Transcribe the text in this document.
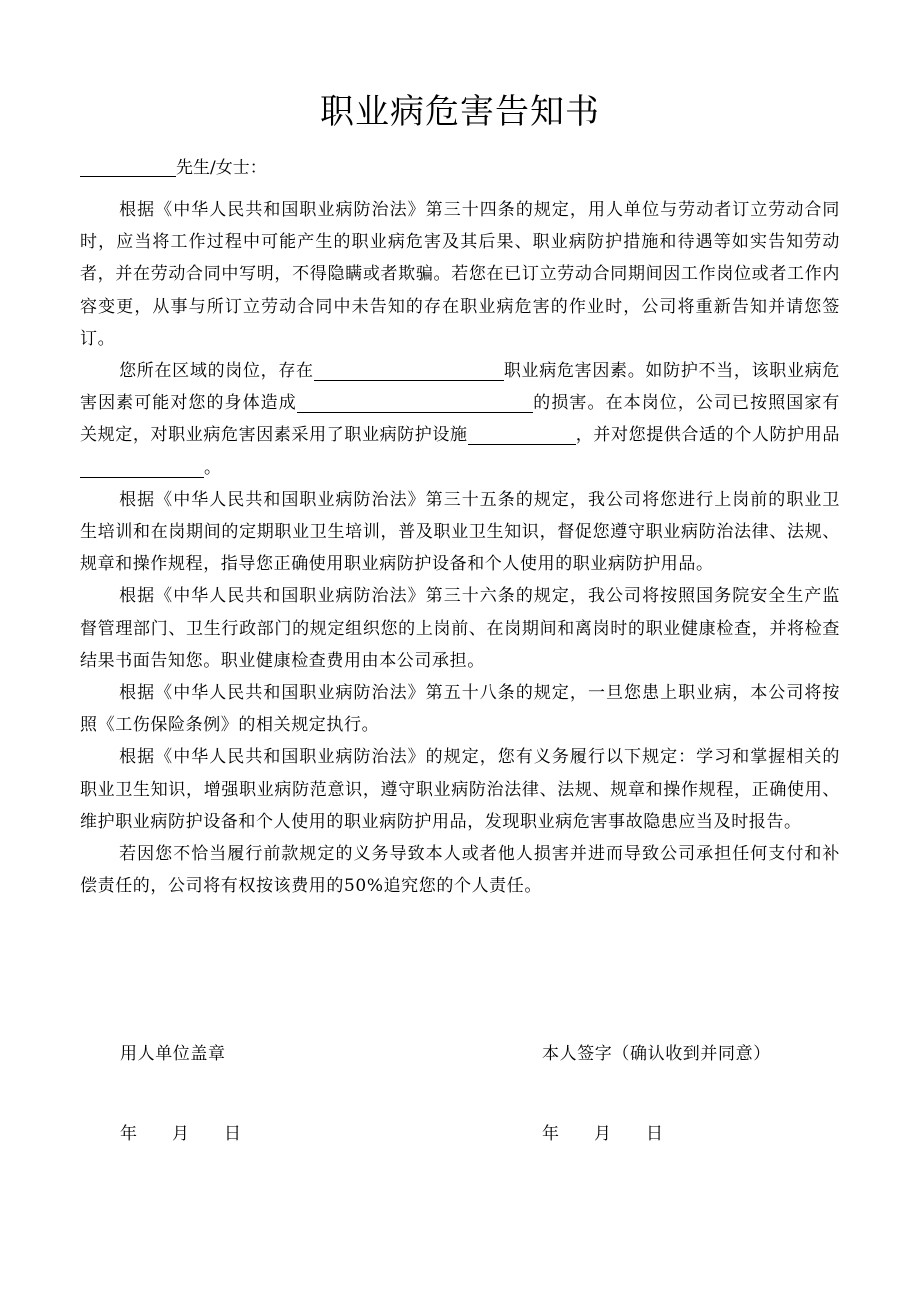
职业病危害告知书
先生/女士：

根据《中华人民共和国职业病防治法》第三十四条的规定，用人单位与劳动者订立劳动合同时，应当将工作过程中可能产生的职业病危害及其后果、职业病防护措施和待遇等如实告知劳动者，并在劳动合同中写明，不得隐瞒或者欺骗。若您在已订立劳动合同期间因工作岗位或者工作内容变更，从事与所订立劳动合同中未告知的存在职业病危害的作业时，公司将重新告知并请您签订。

您所在区域的岗位，存在	职业病危害因素。如防护不当，该职业病危害因素可能对您的身体造成	的损害。在本岗位，公司已按照国家有关规定，对职业病危害因素采用了职业病防护设施	，并对您提供合适的个人防护用品。

根据《中华人民共和国职业病防治法》第三十五条的规定，我公司将您进行上岗前的职业卫生培训和在岗期间的定期职业卫生培训，普及职业卫生知识，督促您遵守职业病防治法律、法规、规章和操作规程，指导您正确使用职业病防护设备和个人使用的职业病防护用品。

根据《中华人民共和国职业病防治法》第三十六条的规定，我公司将按照国务院安全生产监督管理部门、卫生行政部门的规定组织您的上岗前、在岗期间和离岗时的职业健康检查，并将检查结果书面告知您。职业健康检查费用由本公司承担。

根据《中华人民共和国职业病防治法》第五十八条的规定，一旦您患上职业病，本公司将按照《工伤保险条例》的相关规定执行。

根据《中华人民共和国职业病防治法》的规定，您有义务履行以下规定：学习和掌握相关的职业卫生知识，增强职业病防范意识，遵守职业病防治法律、法规、规章和操作规程，正确使用、维护职业病防护设备和个人使用的职业病防护用品，发现职业病危害事故隐患应当及时报告。

若因您不恰当履行前款规定的义务导致本人或者他人损害并进而导致公司承担任何支付和补偿责任的，公司将有权按该费用的50%追究您的个人责任。

用人单位盖章	本人签字（确认收到并同意）
年 月 日	年 月 日
